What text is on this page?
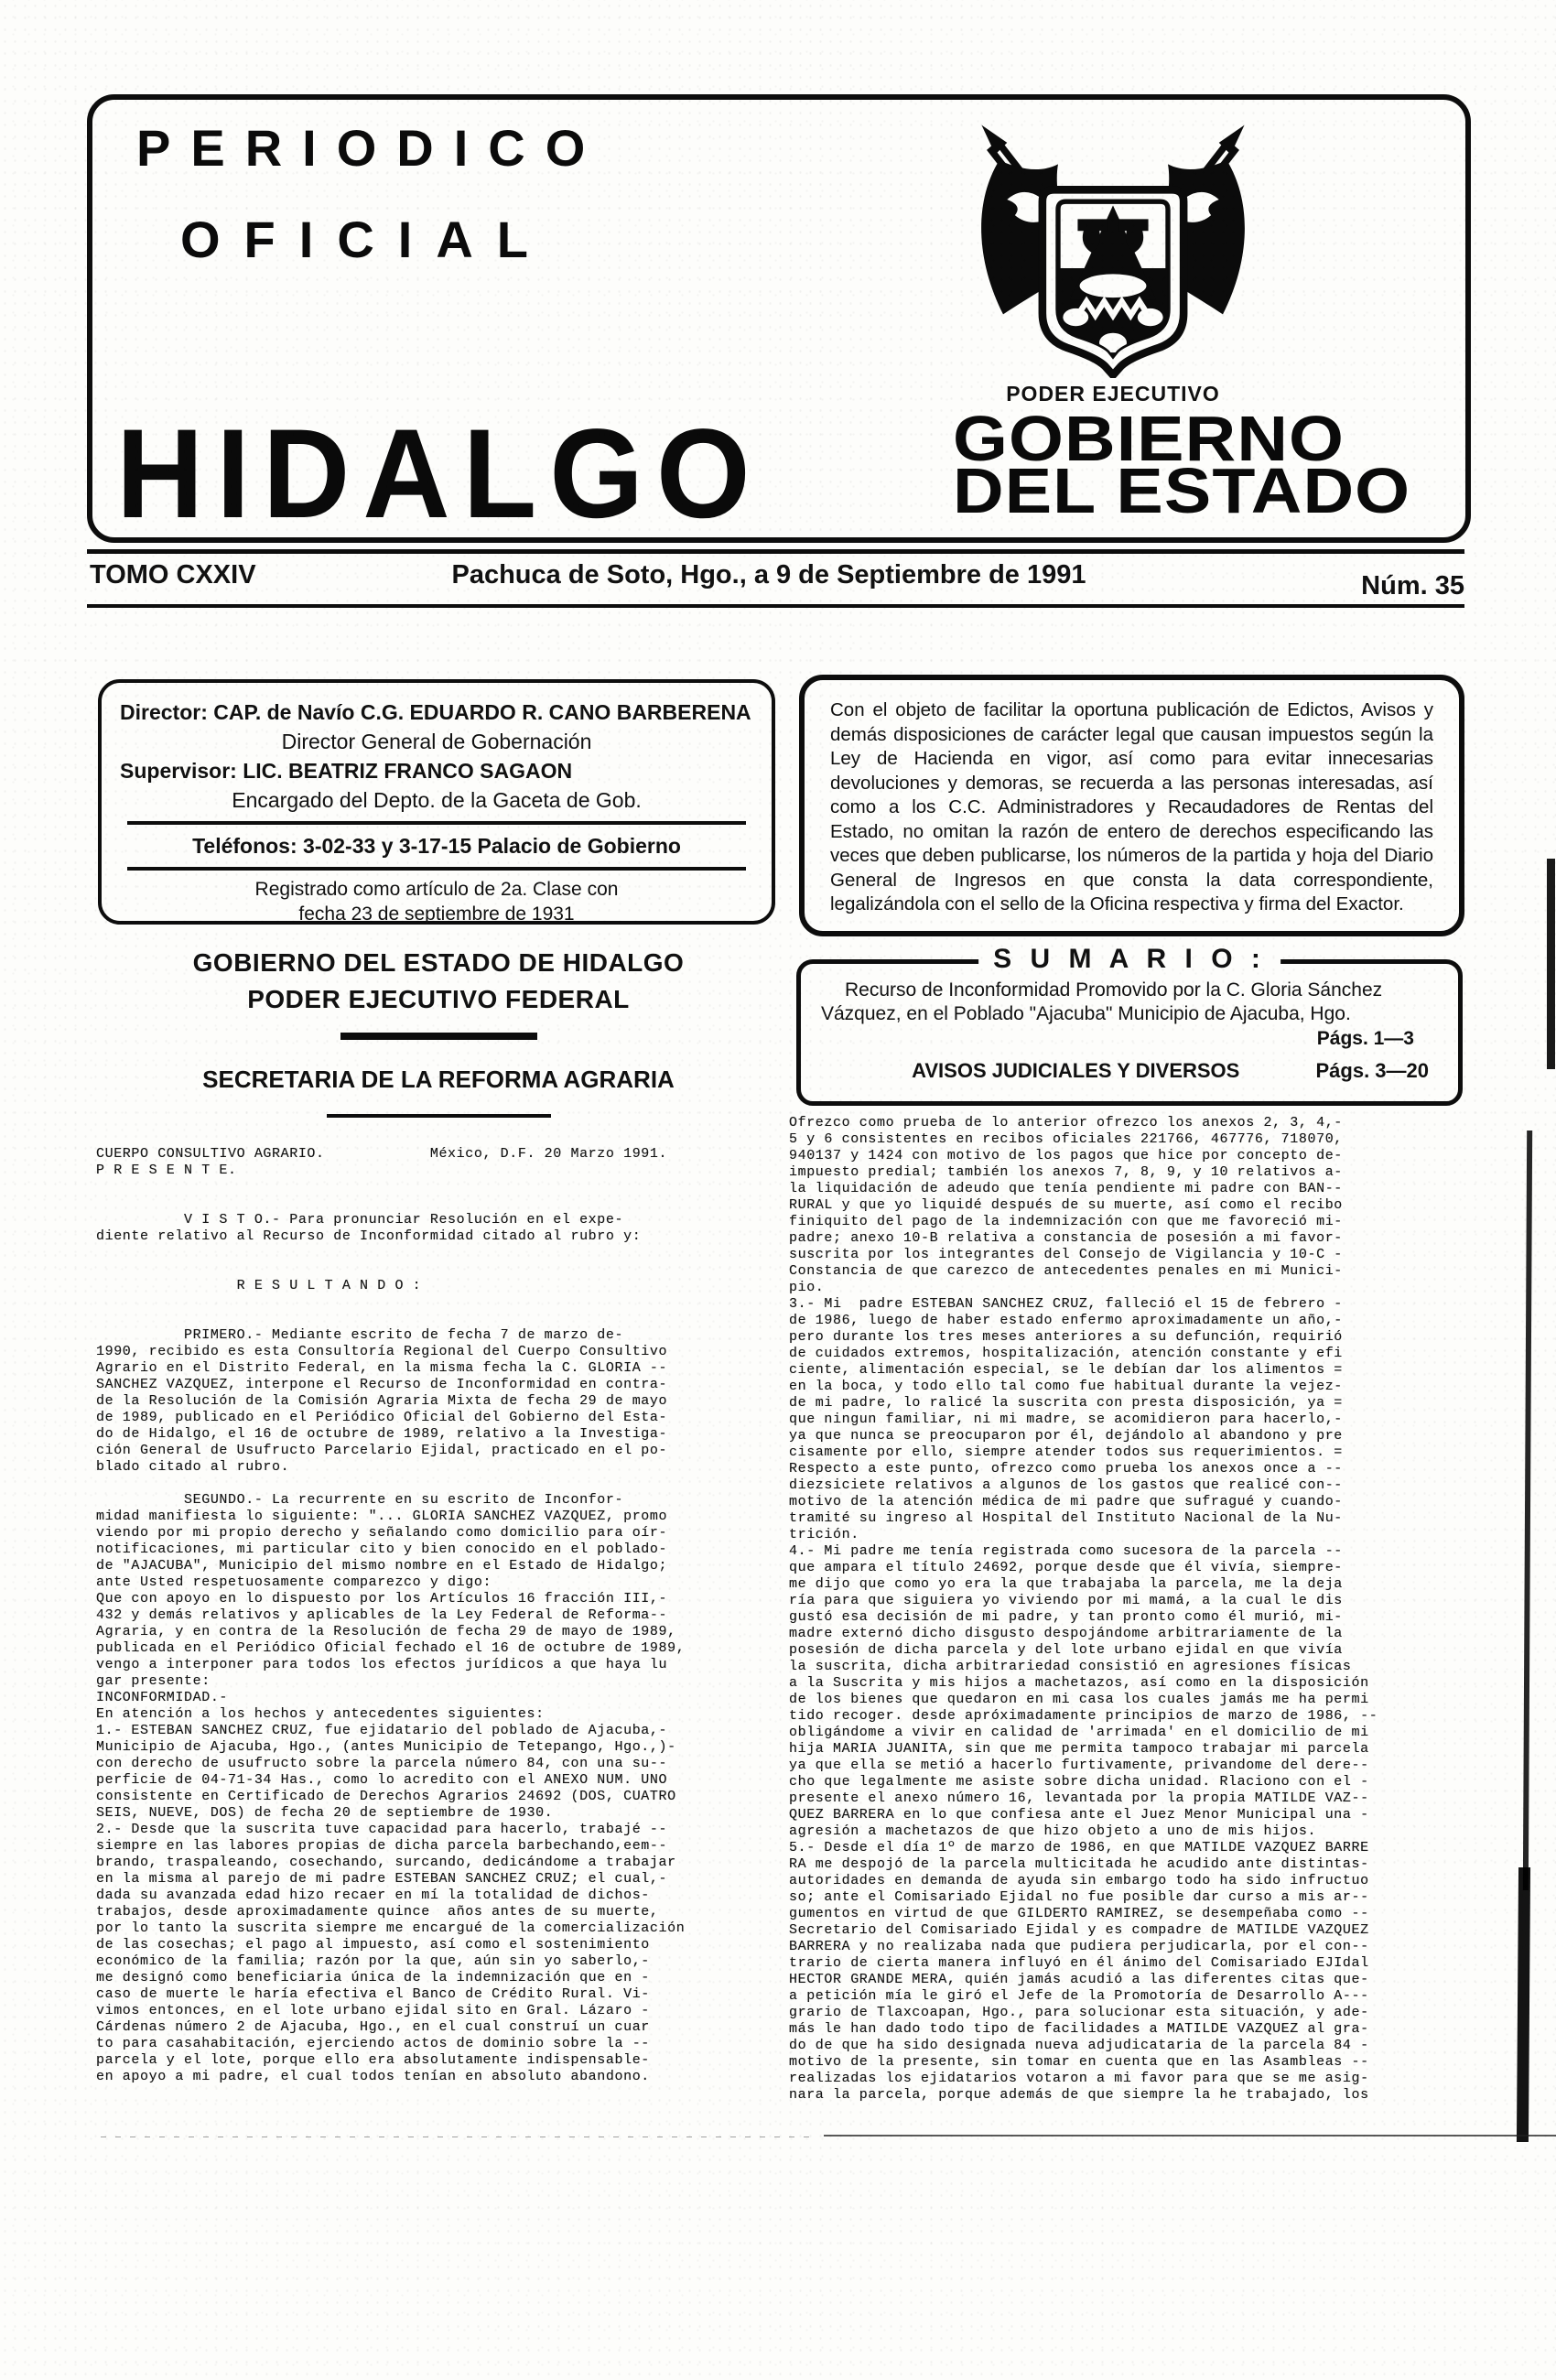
PERIODICO
OFICIAL
PODER EJECUTIVO
GOBIERNO
DEL ESTADO
HIDALGO
TOMO CXXIV	Pachuca de Soto, Hgo., a 9 de Septiembre de 1991	Núm. 35
Director: CAP. de Navío C.G. EDUARDO R. CANO BARBERENA
Director General de Gobernación
Supervisor: LIC. BEATRIZ FRANCO SAGAON
Encargado del Depto. de la Gaceta de Gob.
Teléfonos: 3-02-33 y 3-17-15 Palacio de Gobierno
Registrado como artículo de 2a. Clase con
fecha 23 de septiembre de 1931
Con el objeto de facilitar la oportuna publicación de Edictos, Avisos y demás disposiciones de carácter legal que causan impuestos según la Ley de Hacienda en vigor, así como para evitar innecesarias devoluciones y demoras, se recuerda a las personas interesadas, así como a los C.C. Administradores y Recaudadores de Rentas del Estado, no omitan la razón de entero de derechos especificando las veces que deben publicarse, los números de la partida y hoja del Diario General de Ingresos en que consta la data correspondiente, legalizándola con el sello de la Oficina respectiva y firma del Exactor.
GOBIERNO DEL ESTADO DE HIDALGO
PODER EJECUTIVO FEDERAL
SECRETARIA DE LA REFORMA AGRARIA
S U M A R I O :
Recurso de Inconformidad Promovido por la C. Gloria Sánchez Vázquez, en el Poblado "Ajacuba" Municipio de Ajacuba, Hgo.
Págs. 1—3
AVISOS JUDICIALES Y DIVERSOS	Págs. 3—20
CUERPO CONSULTIVO AGRARIO.            México, D.F. 20 Marzo 1991.
P R E S E N T E.

V I S T O.- Para pronunciar Resolución en el expe-
diente relativo al Recurso de Inconformidad citado al rubro y:

R E S U L T A N D O :

PRIMERO.- Mediante escrito de fecha 7 de marzo de-
1990, recibido es esta Consultoría Regional del Cuerpo Consultivo
Agrario en el Distrito Federal, en la misma fecha la C. GLORIA --
SANCHEZ VAZQUEZ, interpone el Recurso de Inconformidad en contra-
de la Resolución de la Comisión Agraria Mixta de fecha 29 de mayo
de 1989, publicado en el Periódico Oficial del Gobierno del Esta-
do de Hidalgo, el 16 de octubre de 1989, relativo a la Investiga-
ción General de Usufructo Parcelario Ejidal, practicado en el po-
blado citado al rubro.

SEGUNDO.- La recurrente en su escrito de Inconfor-
midad manifiesta lo siguiente: "... GLORIA SANCHEZ VAZQUEZ, promo
viendo por mi propio derecho y señalando como domicilio para oír-
notificaciones, mi particular cito y bien conocido en el poblado-
de "AJACUBA", Municipio del mismo nombre en el Estado de Hidalgo;
ante Usted respetuosamente comparezco y digo:
Que con apoyo en lo dispuesto por los Artículos 16 fracción III,-
432 y demás relativos y aplicables de la Ley Federal de Reforma--
Agraria, y en contra de la Resolución de fecha 29 de mayo de 1989,
publicada en el Periódico Oficial fechado el 16 de octubre de 1989,
vengo a interponer para todos los efectos jurídicos a que haya lu
gar presente:
INCONFORMIDAD.-
En atención a los hechos y antecedentes siguientes:
1.- ESTEBAN SANCHEZ CRUZ, fue ejidatario del poblado de Ajacuba,-
Municipio de Ajacuba, Hgo., (antes Municipio de Tetepango, Hgo.,)-
con derecho de usufructo sobre la parcela número 84, con una su--
perficie de 04-71-34 Has., como lo acredito con el ANEXO NUM. UNO
consistente en Certificado de Derechos Agrarios 24692 (DOS, CUATRO
SEIS, NUEVE, DOS) de fecha 20 de septiembre de 1930.
2.- Desde que la suscrita tuve capacidad para hacerlo, trabajé --
siempre en las labores propias de dicha parcela barbechando,eem--
brando, traspaleando, cosechando, surcando, dedicándome a trabajar
en la misma al parejo de mi padre ESTEBAN SANCHEZ CRUZ; el cual,-
dada su avanzada edad hizo recaer en mí la totalidad de dichos-
trabajos, desde aproximadamente quince  años antes de su muerte,
por lo tanto la suscrita siempre me encargué de la comercialización
de las cosechas; el pago al impuesto, así como el sostenimiento
económico de la familia; razón por la que, aún sin yo saberlo,-
me designó como beneficiaria única de la indemnización que en -
caso de muerte le haría efectiva el Banco de Crédito Rural. Vi-
vimos entonces, en el lote urbano ejidal sito en Gral. Lázaro -
Cárdenas número 2 de Ajacuba, Hgo., en el cual construí un cuar
to para casahabitación, ejerciendo actos de dominio sobre la --
parcela y el lote, porque ello era absolutamente indispensable-
en apoyo a mi padre, el cual todos tenían en absoluto abandono.
Ofrezco como prueba de lo anterior ofrezco los anexos 2, 3, 4,-
5 y 6 consistentes en recibos oficiales 221766, 467776, 718070,
940137 y 1424 con motivo de los pagos que hice por concepto de-
impuesto predial; también los anexos 7, 8, 9, y 10 relativos a-
la liquidación de adeudo que tenía pendiente mi padre con BAN--
RURAL y que yo liquidé después de su muerte, así como el recibo
finiquito del pago de la indemnización con que me favoreció mi-
padre; anexo 10-B relativa a constancia de posesión a mi favor-
suscrita por los integrantes del Consejo de Vigilancia y 10-C -
Constancia de que carezco de antecedentes penales en mi Munici-
pio.
3.- Mi  padre ESTEBAN SANCHEZ CRUZ, falleció el 15 de febrero -
de 1986, luego de haber estado enfermo aproximadamente un año,-
pero durante los tres meses anteriores a su defunción, requirió
de cuidados extremos, hospitalización, atención constante y efi
ciente, alimentación especial, se le debían dar los alimentos =
en la boca, y todo ello tal como fue habitual durante la vejez-
de mi padre, lo ralicé la suscrita con presta disposición, ya =
que ningun familiar, ni mi madre, se acomidieron para hacerlo,-
ya que nunca se preocuparon por él, dejándolo al abandono y pre
cisamente por ello, siempre atender todos sus requerimientos. =
Respecto a este punto, ofrezco como prueba los anexos once a --
diezsiciete relativos a algunos de los gastos que realicé con--
motivo de la atención médica de mi padre que sufragué y cuando-
tramité su ingreso al Hospital del Instituto Nacional de la Nu-
trición.
4.- Mi padre me tenía registrada como sucesora de la parcela --
que ampara el título 24692, porque desde que él vivía, siempre-
me dijo que como yo era la que trabajaba la parcela, me la deja
ría para que siguiera yo viviendo por mi mamá, a la cual le dis
gustó esa decisión de mi padre, y tan pronto como él murió, mi-
madre externó dicho disgusto despojándome arbitrariamente de la
posesión de dicha parcela y del lote urbano ejidal en que vivía
la suscrita, dicha arbitrariedad consistió en agresiones físicas
a la Suscrita y mis hijos a machetazos, así como en la disposición
de los bienes que quedaron en mi casa los cuales jamás me ha permi
tido recoger. desde apróximadamente principios de marzo de 1986, --
obligándome a vivir en calidad de 'arrimada' en el domicilio de mi
hija MARIA JUANITA, sin que me permita tampoco trabajar mi parcela
ya que ella se metió a hacerlo furtivamente, privandome del dere--
cho que legalmente me asiste sobre dicha unidad. Rlaciono con el -
presente el anexo número 16, levantada por la propia MATILDE VAZ--
QUEZ BARRERA en lo que confiesa ante el Juez Menor Municipal una -
agresión a machetazos de que hizo objeto a uno de mis hijos.
5.- Desde el día 1º de marzo de 1986, en que MATILDE VAZQUEZ BARRE
RA me despojó de la parcela multicitada he acudido ante distintas-
autoridades en demanda de ayuda sin embargo todo ha sido infructuo
so; ante el Comisariado Ejidal no fue posible dar curso a mis ar--
gumentos en virtud de que GILDERTO RAMIREZ, se desempeñaba como --
Secretario del Comisariado Ejidal y es compadre de MATILDE VAZQUEZ
BARRERA y no realizaba nada que pudiera perjudicarla, por el con--
trario de cierta manera influyó en él ánimo del Comisariado EJIdal
HECTOR GRANDE MERA, quién jamás acudió a las diferentes citas que-
a petición mía le giró el Jefe de la Promotoría de Desarrollo A---
grario de Tlaxcoapan, Hgo., para solucionar esta situación, y ade-
más le han dado todo tipo de facilidades a MATILDE VAZQUEZ al gra-
do de que ha sido designada nueva adjudicataria de la parcela 84 -
motivo de la presente, sin tomar en cuenta que en las Asambleas --
realizadas los ejidatarios votaron a mi favor para que se me asig-
nara la parcela, porque además de que siempre la he trabajado, los
